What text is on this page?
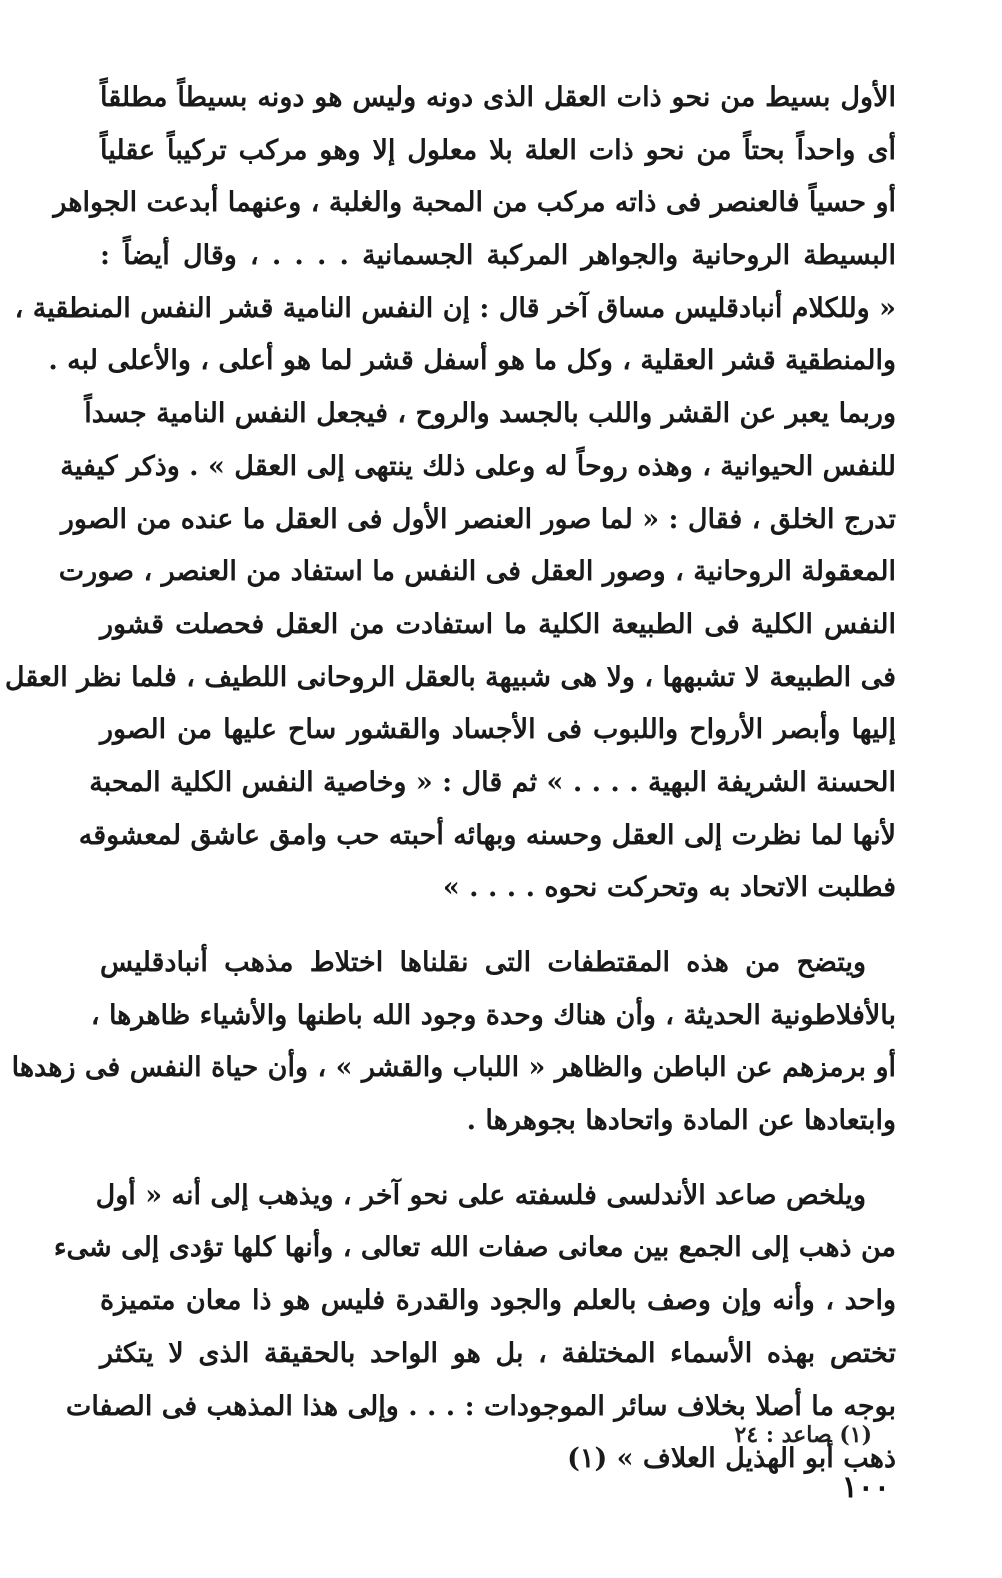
الأول بسيط من نحو ذات العقل الذى دونه وليس هو دونه بسيطاً مطلقاً
أى واحداً بحتاً من نحو ذات العلة بلا معلول إلا وهو مركب تركيباً عقلياً
أو حسياً فالعنصر فى ذاته مركب من المحبة والغلبة ، وعنهما أبدعت الجواهر
البسيطة الروحانية والجواهر المركبة الجسمانية . . . . ، وقال أيضاً :
« وللكلام أنبادقليس مساق آخر قال : إن النفس النامية قشر النفس المنطقية ،
والمنطقية قشر العقلية ، وكل ما هو أسفل قشر لما هو أعلى ، والأعلى لبه .
وربما يعبر عن القشر واللب بالجسد والروح ، فيجعل النفس النامية جسداً
للنفس الحيوانية ، وهذه روحاً له وعلى ذلك ينتهى إلى العقل » . وذكر كيفية
تدرج الخلق ، فقال : « لما صور العنصر الأول فى العقل ما عنده من الصور
المعقولة الروحانية ، وصور العقل فى النفس ما استفاد من العنصر ، صورت
النفس الكلية فى الطبيعة الكلية ما استفادت من العقل فحصلت قشور
فى الطبيعة لا تشبهها ، ولا هى شبيهة بالعقل الروحانى اللطيف ، فلما نظر العقل
إليها وأبصر الأرواح واللبوب فى الأجساد والقشور ساح عليها من الصور
الحسنة الشريفة البهية . . . . » ثم قال : « وخاصية النفس الكلية المحبة
لأنها لما نظرت إلى العقل وحسنه وبهائه أحبته حب وامق عاشق لمعشوقه
فطلبت الاتحاد به وتحركت نحوه . . . . »
ويتضح من هذه المقتطفات التى نقلناها اختلاط مذهب أنبادقليس
بالأفلاطونية الحديثة ، وأن هناك وحدة وجود الله باطنها والأشياء ظاهرها ،
أو برمزهم عن الباطن والظاهر « اللباب والقشر » ، وأن حياة النفس فى زهدها
وابتعادها عن المادة واتحادها بجوهرها .
ويلخص صاعد الأندلسى فلسفته على نحو آخر ، ويذهب إلى أنه « أول
من ذهب إلى الجمع بين معانى صفات الله تعالى ، وأنها كلها تؤدى إلى شىء
واحد ، وأنه وإن وصف بالعلم والجود والقدرة فليس هو ذا معان متميزة
تختص بهذه الأسماء المختلفة ، بل هو الواحد بالحقيقة الذى لا يتكثر
بوجه ما أصلا بخلاف سائر الموجودات : . . . وإلى هذا المذهب فى الصفات
ذهب أبو الهذيل العلاف » (١)
(١) صاعد : ٢٤
١٠٠
